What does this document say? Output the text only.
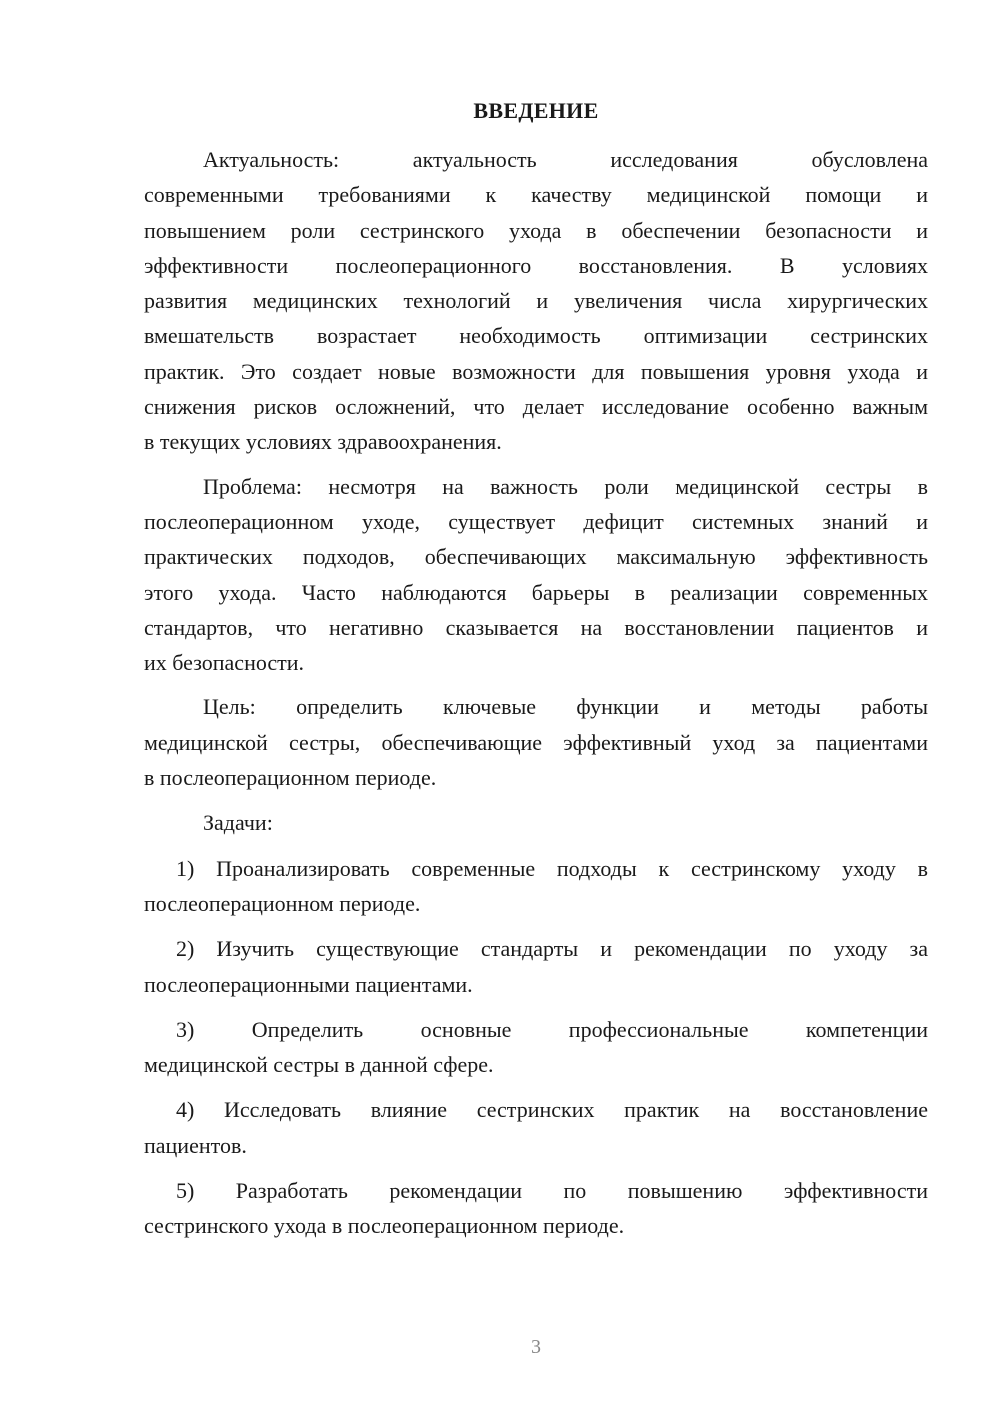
ВВЕДЕНИЕ
Актуальность: актуальность исследования обусловлена
современными требованиями к качеству медицинской помощи и
повышением роли сестринского ухода в обеспечении безопасности и
эффективности послеоперационного восстановления. В условиях
развития медицинских технологий и увеличения числа хирургических
вмешательств возрастает необходимость оптимизации сестринских
практик. Это создает новые возможности для повышения уровня ухода и
снижения рисков осложнений, что делает исследование особенно важным
в текущих условиях здравоохранения.
Проблема: несмотря на важность роли медицинской сестры в
послеоперационном уходе, существует дефицит системных знаний и
практических подходов, обеспечивающих максимальную эффективность
этого ухода. Часто наблюдаются барьеры в реализации современных
стандартов, что негативно сказывается на восстановлении пациентов и
их безопасности.
Цель: определить ключевые функции и методы работы
медицинской сестры, обеспечивающие эффективный уход за пациентами
в послеоперационном периоде.
Задачи:
1) Проанализировать современные подходы к сестринскому уходу в
послеоперационном периоде.
2) Изучить существующие стандарты и рекомендации по уходу за
послеоперационными пациентами.
3) Определить основные профессиональные компетенции
медицинской сестры в данной сфере.
4) Исследовать влияние сестринских практик на восстановление
пациентов.
5) Разработать рекомендации по повышению эффективности
сестринского ухода в послеоперационном периоде.
3
